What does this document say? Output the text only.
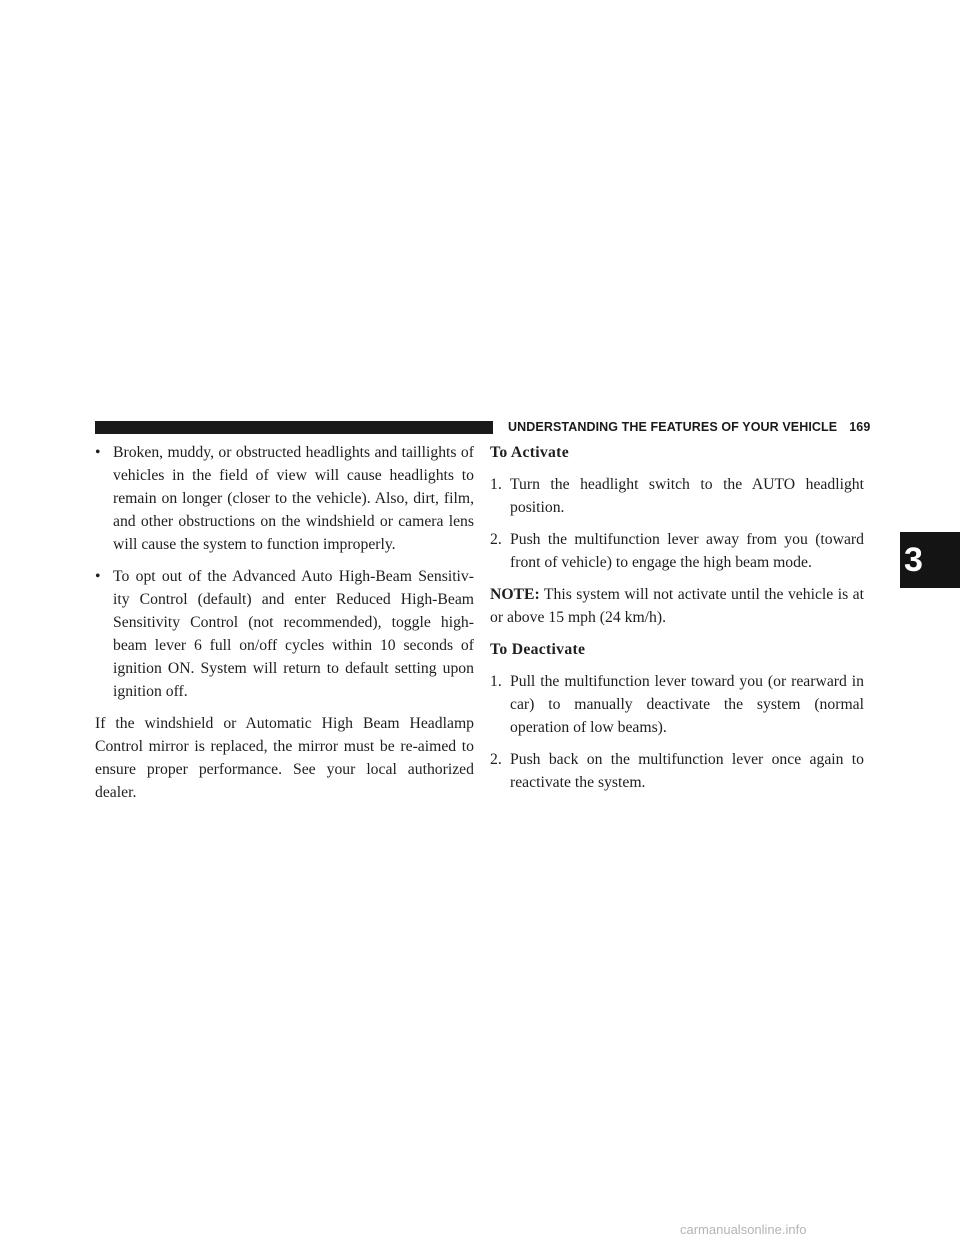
UNDERSTANDING THE FEATURES OF YOUR VEHICLE 169
3
• Broken, muddy, or obstructed headlights and taillights of vehicles in the field of view will cause headlights to remain on longer (closer to the vehicle). Also, dirt, film, and other obstructions on the windshield or camera lens will cause the system to function improperly.
• To opt out of the Advanced Auto High-Beam Sensitiv- ity Control (default) and enter Reduced High-Beam Sensitivity Control (not recommended), toggle high- beam lever 6 full on/off cycles within 10 seconds of ignition ON. System will return to default setting upon ignition off.

If the windshield or Automatic High Beam Headlamp Control mirror is replaced, the mirror must be re-aimed to ensure proper performance. See your local authorized dealer.

To Activate
1. Turn the headlight switch to the AUTO headlight position.
2. Push the multifunction lever away from you (toward front of vehicle) to engage the high beam mode.

NOTE: This system will not activate until the vehicle is at or above 15 mph (24 km/h).

To Deactivate
1. Pull the multifunction lever toward you (or rearward in car) to manually deactivate the system (normal operation of low beams).
2. Push back on the multifunction lever once again to reactivate the system.
carmanualsonline.info
